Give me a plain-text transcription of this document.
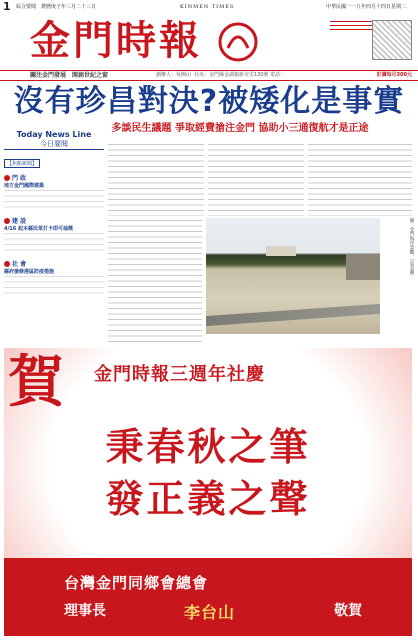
1 綜合要聞　農曆庚子年三月二十三日	KINMEN TIMES	中華民國一一九年四月十四日星期二
金門時報
關注金門發展　開創世紀之窗	創辦人：吳開山 社址：金門縣金湖鎮新市里130號 電話：	訂價每月300元
沒有珍昌對決?被矮化是事實
多談民生議題 爭取經費搶注金門 協助小三通復航才是正途
Today News Line
今日要聞
【焦點新聞】
門 政
地方金門國際建築
建 設
4/16 起本縣民眾打卡即可抽獎
社 會
縣府搶修港區防疫措施	圖：金門海岸景觀。（記者攝）
賀 金門時報三週年社慶
秉春秋之筆
發正義之聲
台灣金門同鄉會總會
理事長	李台山	敬賀
